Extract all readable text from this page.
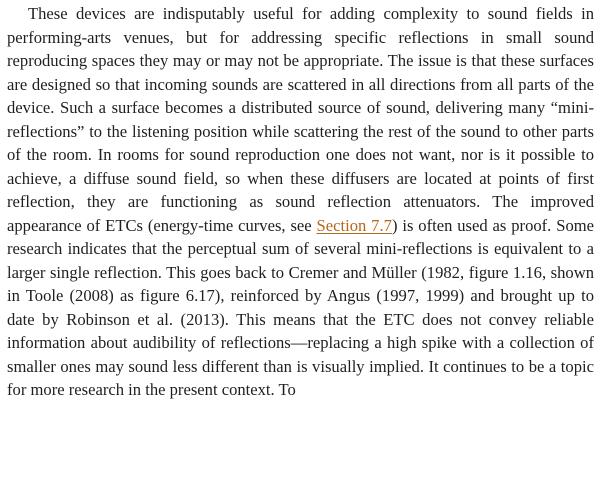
These devices are indisputably useful for adding complexity to sound fields in performing-arts venues, but for addressing specific reflections in small sound reproducing spaces they may or may not be appropriate. The issue is that these surfaces are designed so that incoming sounds are scattered in all directions from all parts of the device. Such a surface becomes a distributed source of sound, delivering many “mini-reflections” to the listening position while scattering the rest of the sound to other parts of the room. In rooms for sound reproduction one does not want, nor is it possible to achieve, a diffuse sound field, so when these diffusers are located at points of first reflection, they are functioning as sound reflection attenuators. The improved appearance of ETCs (energy-time curves, see Section 7.7) is often used as proof. Some research indicates that the perceptual sum of several mini-reflections is equivalent to a larger single reflection. This goes back to Cremer and Müller (1982, figure 1.16, shown in Toole (2008) as figure 6.17), reinforced by Angus (1997, 1999) and brought up to date by Robinson et al. (2013). This means that the ETC does not convey reliable information about audibility of reflections—replacing a high spike with a collection of smaller ones may sound less different than is visually implied. It continues to be a topic for more research in the present context. To
